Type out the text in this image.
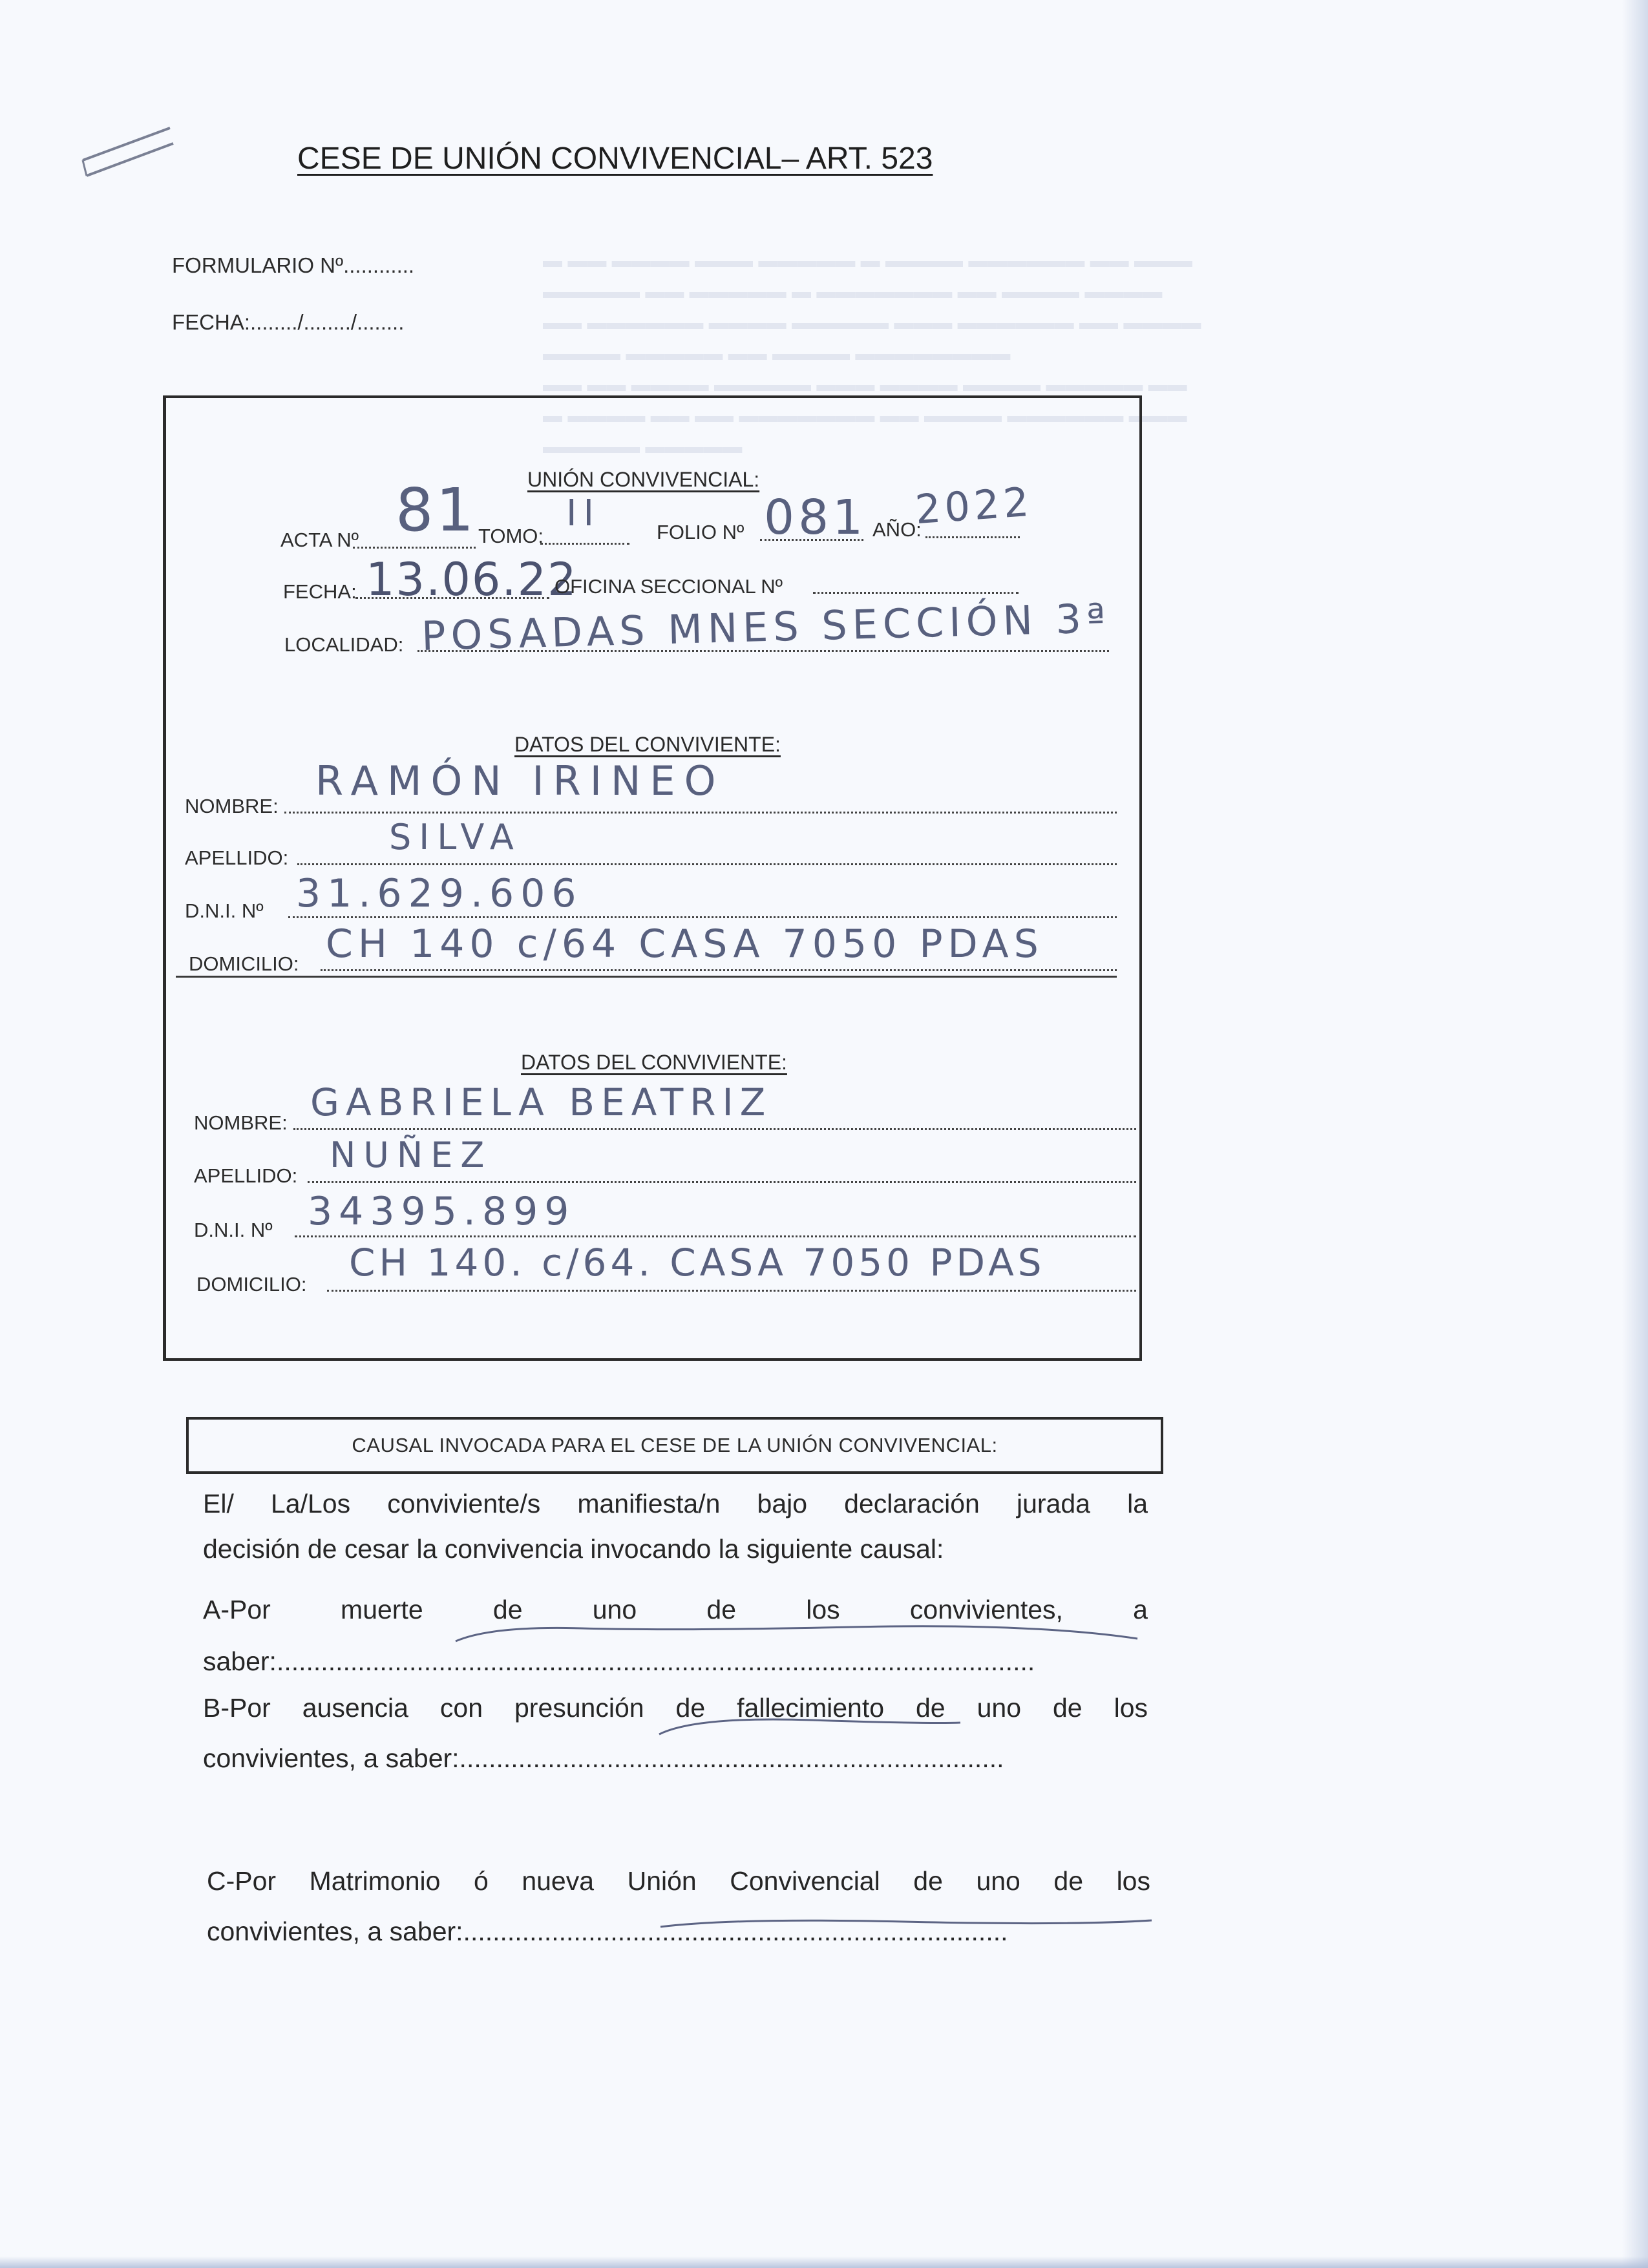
▬ ▬▬ ▬▬▬▬ ▬▬▬ ▬▬▬▬▬ ▬ ▬▬▬▬ ▬▬▬▬▬▬ ▬▬ ▬▬▬
▬▬▬▬▬ ▬▬ ▬▬▬▬▬ ▬ ▬▬▬▬▬▬▬ ▬▬ ▬▬▬▬ ▬▬▬▬
▬▬ ▬▬▬▬▬▬ ▬▬▬▬ ▬▬▬▬▬ ▬▬▬ ▬▬▬▬▬▬ ▬▬ ▬▬▬▬
▬▬▬▬ ▬▬▬▬▬ ▬▬ ▬▬▬▬ ▬▬▬▬▬▬▬▬
▬▬ ▬▬ ▬▬▬▬ ▬▬▬▬▬ ▬▬▬ ▬▬▬▬ ▬▬▬▬ ▬▬▬▬▬ ▬▬
▬ ▬▬▬▬ ▬▬ ▬▬ ▬▬▬▬▬▬▬ ▬▬ ▬▬▬▬ ▬▬▬▬▬▬ ▬▬▬
▬▬▬▬▬ ▬▬▬▬▬
CESE DE UNIÓN CONVIVENCIAL– ART. 523
FORMULARIO Nº............
FECHA:......../......../........
UNIÓN CONVIVENCIAL:
ACTA Nº 81 TOMO:
II	FOLIO Nº 081 AÑO:
2022
FECHA: 13.06.22
OFICINA SECCIONAL Nº
LOCALIDAD: POSADAS MNES SECCIÓN 3ª
DATOS DEL CONVIVIENTE:
NOMBRE:
RAMÓN IRINEO
APELLIDO:
SILVA
D.N.I. Nº 31.629.606
DOMICILIO: CH 140 c/64 CASA 7050 PDAS
DATOS DEL CONVIVIENTE:
NOMBRE: GABRIELA BEATRIZ
APELLIDO:
NUÑEZ
D.N.I. Nº 34395.899
DOMICILIO: CH 140. c/64. CASA 7050 PDAS
CAUSAL INVOCADA PARA EL CESE DE LA UNIÓN CONVIVENCIAL:
El/ La/Los conviviente/s manifiesta/n bajo declaración jurada la
decisión de cesar la convivencia invocando la siguiente causal:
A-Por muerte de uno de los convivientes, a
saber:.......................................................................................................
B-Por ausencia con presunción de fallecimiento de uno de los
convivientes, a saber:..........................................................................
C-Por Matrimonio ó nueva Unión Convivencial de uno de los
convivientes, a saber:..........................................................................
